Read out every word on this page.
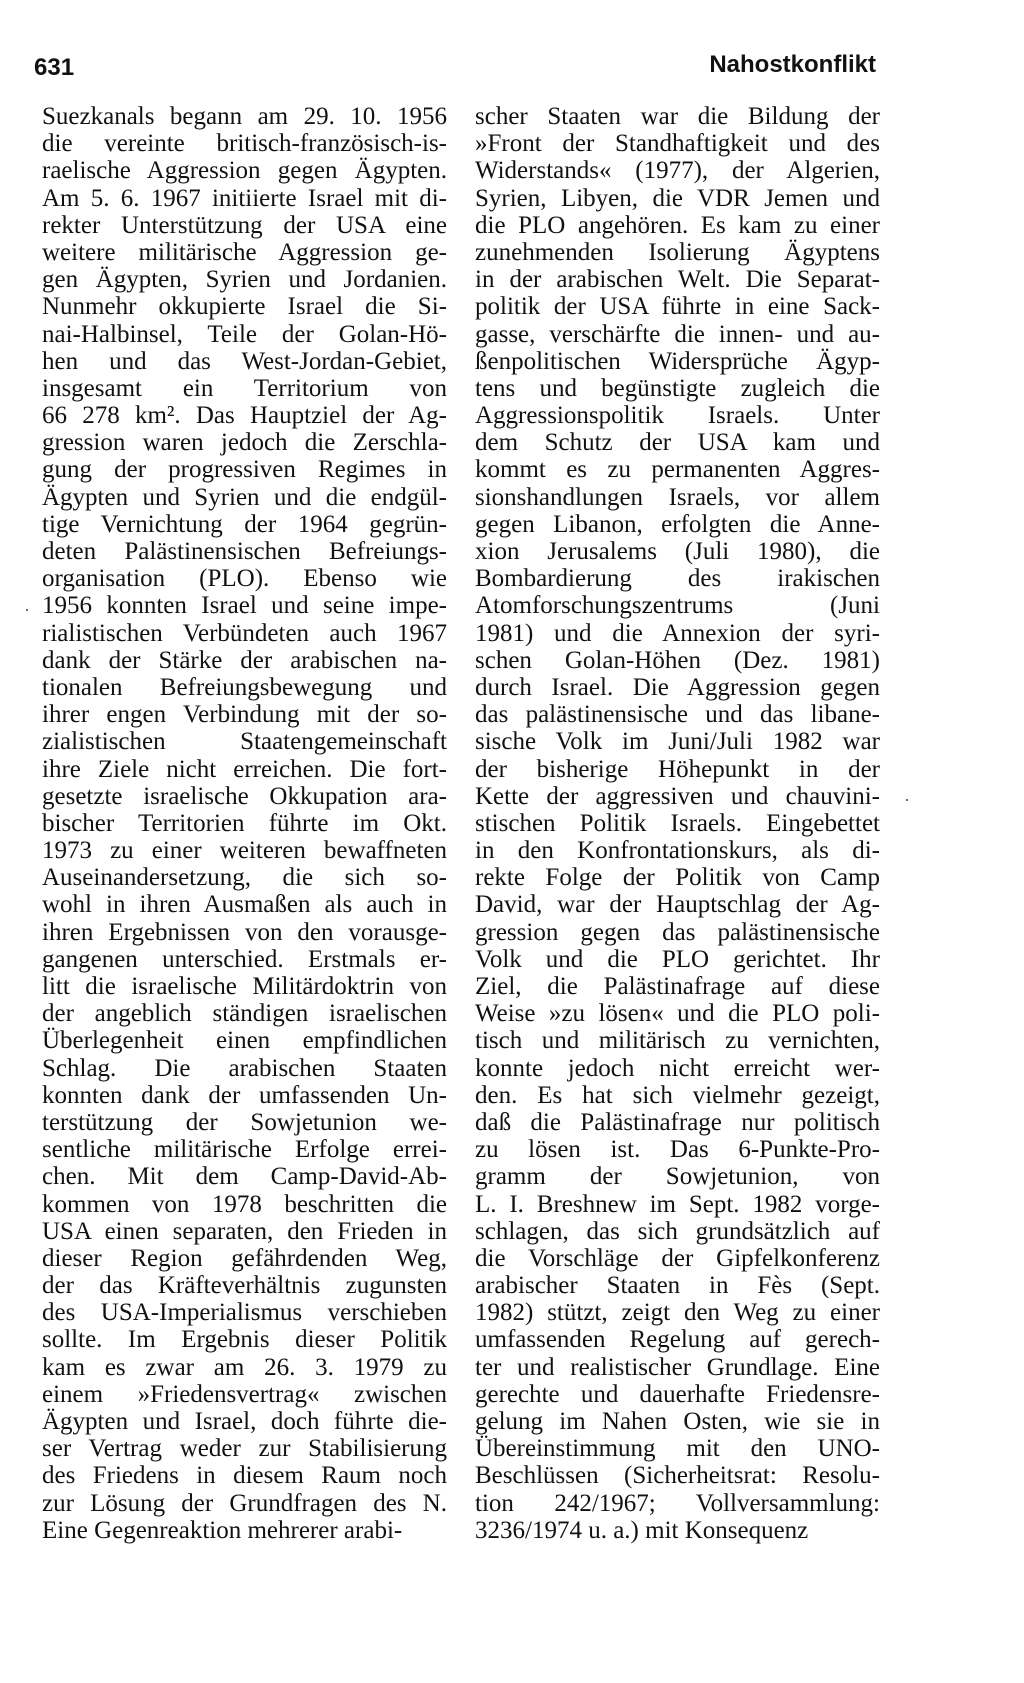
631	Nahostkonflikt
Suezkanals begann am 29. 10. 1956
die vereinte britisch-französisch-is-
raelische Aggression gegen Ägypten.
Am 5. 6. 1967 initiierte Israel mit di-
rekter Unterstützung der USA eine
weitere militärische Aggression ge-
gen Ägypten, Syrien und Jordanien.
Nunmehr okkupierte Israel die Si-
nai-Halbinsel, Teile der Golan-Hö-
hen und das West-Jordan-Gebiet,
insgesamt ein Territorium von
66 278 km². Das Hauptziel der Ag-
gression waren jedoch die Zerschla-
gung der progressiven Regimes in
Ägypten und Syrien und die endgül-
tige Vernichtung der 1964 gegrün-
deten Palästinensischen Befreiungs-
organisation (PLO). Ebenso wie
1956 konnten Israel und seine impe-
rialistischen Verbündeten auch 1967
dank der Stärke der arabischen na-
tionalen Befreiungsbewegung und
ihrer engen Verbindung mit der so-
zialistischen Staatengemeinschaft
ihre Ziele nicht erreichen. Die fort-
gesetzte israelische Okkupation ara-
bischer Territorien führte im Okt.
1973 zu einer weiteren bewaffneten
Auseinandersetzung, die sich so-
wohl in ihren Ausmaßen als auch in
ihren Ergebnissen von den vorausge-
gangenen unterschied. Erstmals er-
litt die israelische Militärdoktrin von
der angeblich ständigen israelischen
Überlegenheit einen empfindlichen
Schlag. Die arabischen Staaten
konnten dank der umfassenden Un-
terstützung der Sowjetunion we-
sentliche militärische Erfolge errei-
chen. Mit dem Camp-David-Ab-
kommen von 1978 beschritten die
USA einen separaten, den Frieden in
dieser Region gefährdenden Weg,
der das Kräfteverhältnis zugunsten
des USA-Imperialismus verschieben
sollte. Im Ergebnis dieser Politik
kam es zwar am 26. 3. 1979 zu
einem »Friedensvertrag« zwischen
Ägypten und Israel, doch führte die-
ser Vertrag weder zur Stabilisierung
des Friedens in diesem Raum noch
zur Lösung der Grundfragen des N.
Eine Gegenreaktion mehrerer arabi-
scher Staaten war die Bildung der
»Front der Standhaftigkeit und des
Widerstands« (1977), der Algerien,
Syrien, Libyen, die VDR Jemen und
die PLO angehören. Es kam zu einer
zunehmenden Isolierung Ägyptens
in der arabischen Welt. Die Separat-
politik der USA führte in eine Sack-
gasse, verschärfte die innen- und au-
ßenpolitischen Widersprüche Ägyp-
tens und begünstigte zugleich die
Aggressionspolitik Israels. Unter
dem Schutz der USA kam und
kommt es zu permanenten Aggres-
sionshandlungen Israels, vor allem
gegen Libanon, erfolgten die Anne-
xion Jerusalems (Juli 1980), die
Bombardierung des irakischen
Atomforschungszentrums (Juni
1981) und die Annexion der syri-
schen Golan-Höhen (Dez. 1981)
durch Israel. Die Aggression gegen
das palästinensische und das libane-
sische Volk im Juni/Juli 1982 war
der bisherige Höhepunkt in der
Kette der aggressiven und chauvini-
stischen Politik Israels. Eingebettet
in den Konfrontationskurs, als di-
rekte Folge der Politik von Camp
David, war der Hauptschlag der Ag-
gression gegen das palästinensische
Volk und die PLO gerichtet. Ihr
Ziel, die Palästinafrage auf diese
Weise »zu lösen« und die PLO poli-
tisch und militärisch zu vernichten,
konnte jedoch nicht erreicht wer-
den. Es hat sich vielmehr gezeigt,
daß die Palästinafrage nur politisch
zu lösen ist. Das 6-Punkte-Pro-
gramm der Sowjetunion, von
L. I. Breshnew im Sept. 1982 vorge-
schlagen, das sich grundsätzlich auf
die Vorschläge der Gipfelkonferenz
arabischer Staaten in Fès (Sept.
1982) stützt, zeigt den Weg zu einer
umfassenden Regelung auf gerech-
ter und realistischer Grundlage. Eine
gerechte und dauerhafte Friedensre-
gelung im Nahen Osten, wie sie in
Übereinstimmung mit den UNO-
Beschlüssen (Sicherheitsrat: Resolu-
tion 242/1967; Vollversammlung:
3236/1974 u. a.) mit Konsequenz
·
·
